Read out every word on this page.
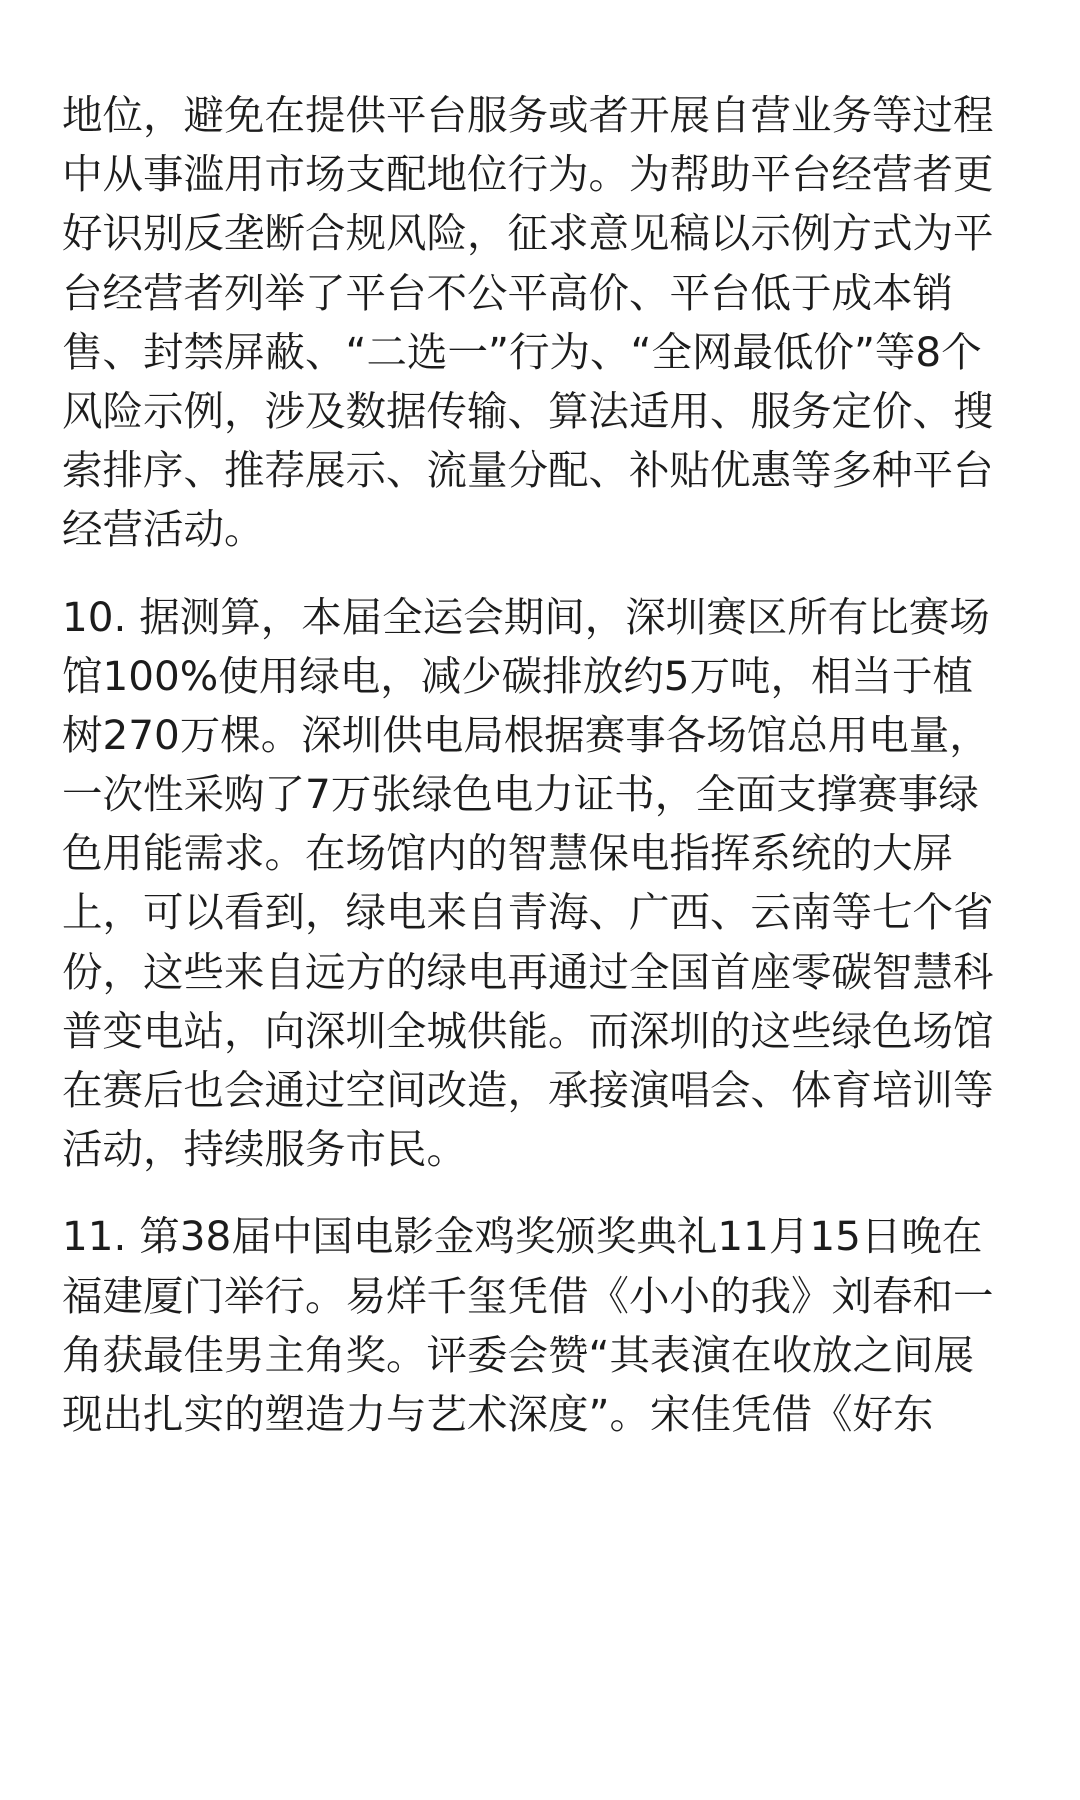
地位，避免在提供平台服务或者开展自营业务等过程
中从事滥用市场支配地位行为。为帮助平台经营者更
好识别反垄断合规风险，征求意见稿以示例方式为平
台经营者列举了平台不公平高价、平台低于成本销
售、封禁屏蔽、“二选一”行为、“全网最低价”等8个
风险示例，涉及数据传输、算法适用、服务定价、搜
索排序、推荐展示、流量分配、补贴优惠等多种平台
经营活动。
10. 据测算，本届全运会期间，深圳赛区所有比赛场
馆100%使用绿电，减少碳排放约5万吨，相当于植
树270万棵。深圳供电局根据赛事各场馆总用电量，
一次性采购了7万张绿色电力证书，全面支撑赛事绿
色用能需求。在场馆内的智慧保电指挥系统的大屏
上，可以看到，绿电来自青海、广西、云南等七个省
份，这些来自远方的绿电再通过全国首座零碳智慧科
普变电站，向深圳全城供能。而深圳的这些绿色场馆
在赛后也会通过空间改造，承接演唱会、体育培训等
活动，持续服务市民。
11. 第38届中国电影金鸡奖颁奖典礼11月15日晚在
福建厦门举行。易烊千玺凭借《小小的我》刘春和一
角获最佳男主角奖。评委会赞“其表演在收放之间展
现出扎实的塑造力与艺术深度”。宋佳凭借《好东
